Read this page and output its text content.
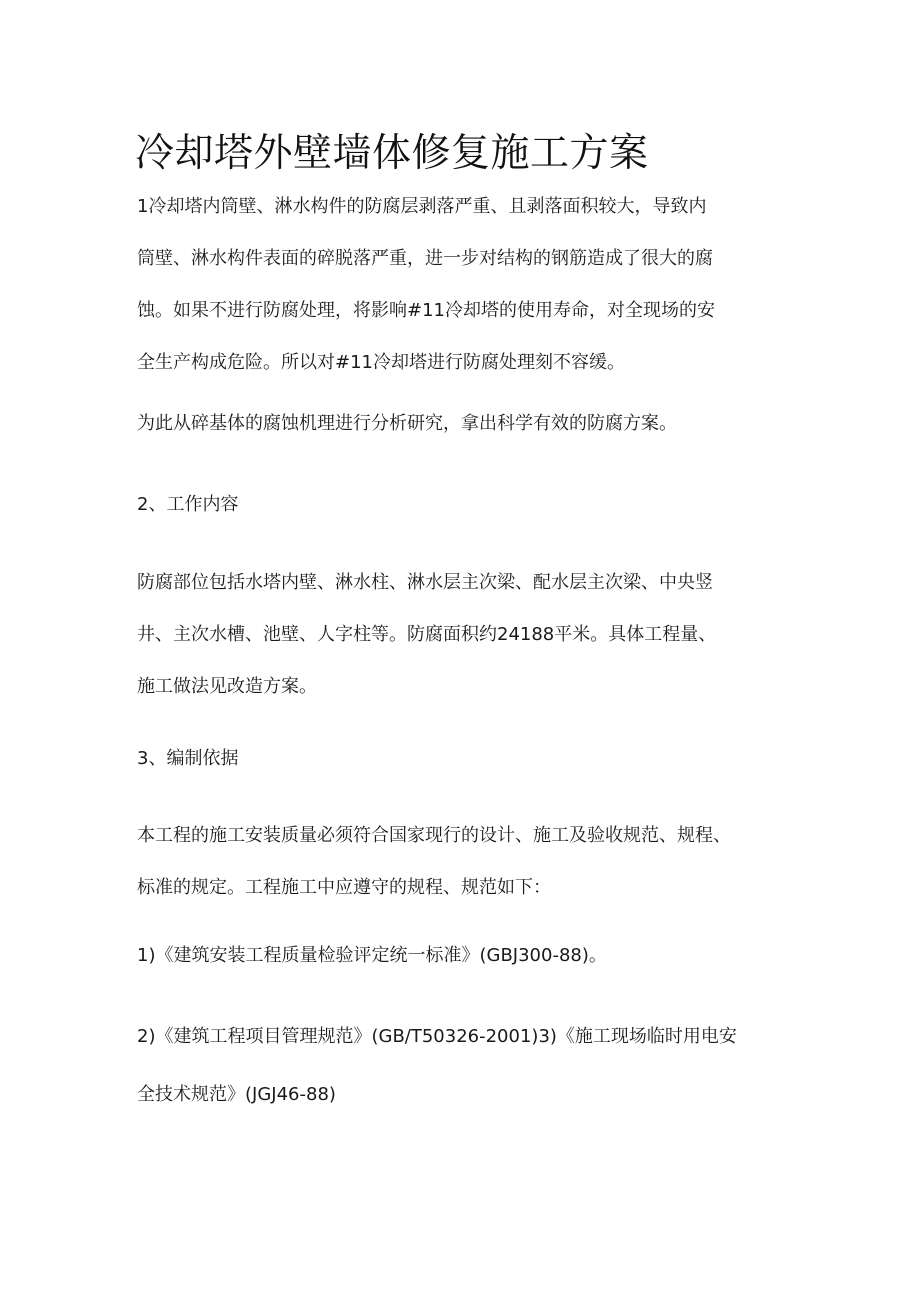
冷却塔外壁墙体修复施工方案
1冷却塔内筒壁、淋水构件的防腐层剥落严重、且剥落面积较大，导致内
筒壁、淋水构件表面的碎脱落严重，进一步对结构的钢筋造成了很大的腐
蚀。如果不进行防腐处理，将影响#11冷却塔的使用寿命，对全现场的安
全生产构成危险。所以对#11冷却塔进行防腐处理刻不容缓。
为此从碎基体的腐蚀机理进行分析研究，拿出科学有效的防腐方案。
2、工作内容
防腐部位包括水塔内壁、淋水柱、淋水层主次梁、配水层主次梁、中央竖
井、主次水槽、池壁、人字柱等。防腐面积约24188平米。具体工程量、
施工做法见改造方案。
3、编制依据
本工程的施工安装质量必须符合国家现行的设计、施工及验收规范、规程、
标准的规定。工程施工中应遵守的规程、规范如下：
1)《建筑安装工程质量检验评定统一标准》(GBJ300-88)。
2)《建筑工程项目管理规范》(GB/T50326-2001)3)《施工现场临时用电安
全技术规范》(JGJ46-88)
